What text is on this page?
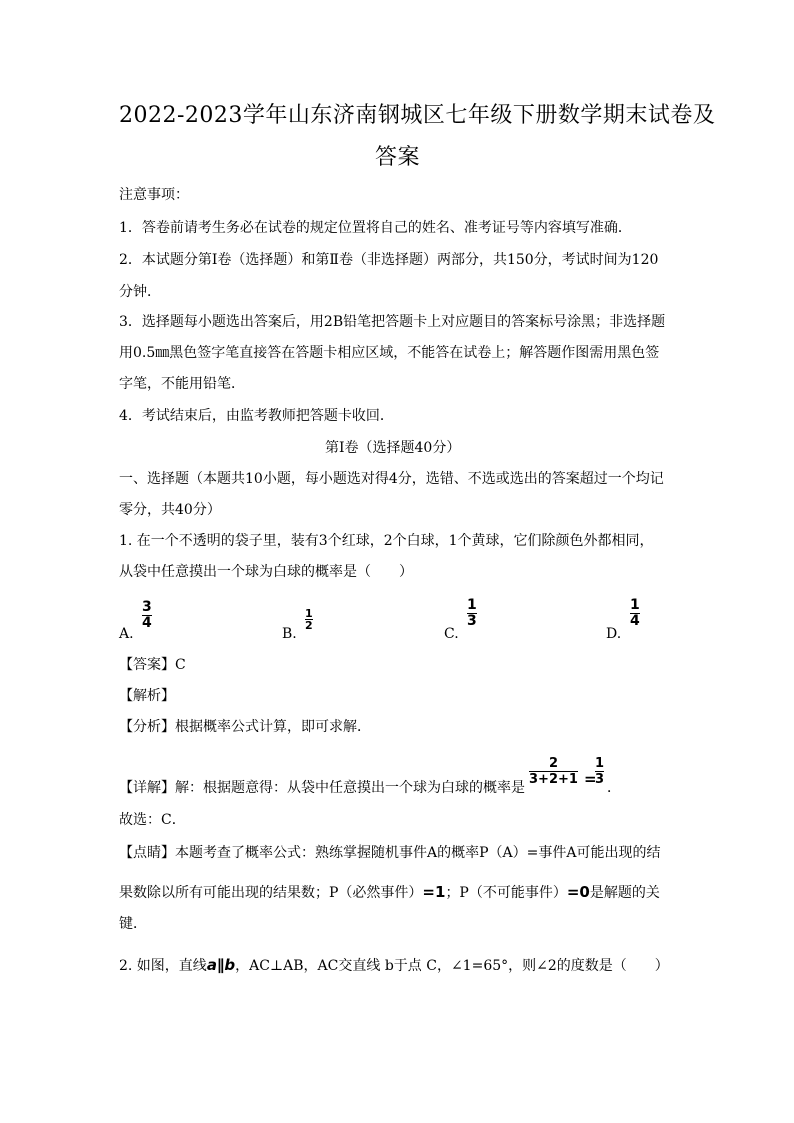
2022-2023学年山东济南钢城区七年级下册数学期末试卷及
答案
注意事项：
1．答卷前请考生务必在试卷的规定位置将自己的姓名、准考证号等内容填写准确．
2．本试题分第Ⅰ卷（选择题）和第Ⅱ卷（非选择题）两部分，共150分，考试时间为120
分钟．
3．选择题每小题选出答案后，用2B铅笔把答题卡上对应题目的答案标号涂黑；非选择题
用0.5㎜黑色签字笔直接答在答题卡相应区域，不能答在试卷上；解答题作图需用黑色签
字笔，不能用铅笔．
4．考试结束后，由监考教师把答题卡收回．
第Ⅰ卷（选择题40分）
一、选择题（本题共10小题，每小题选对得4分，选错、不选或选出的答案超过一个均记
零分，共40分）
1. 在一个不透明的袋子里，装有3个红球，2个白球，1个黄球，它们除颜色外都相同，
从袋中任意摸出一个球为白球的概率是（　　）
A.
3
4
B.
1
2
C.
1
3
D.
1
4
【答案】C
【解析】
【分析】根据概率公式计算，即可求解．
【详解】解：根据题意得：从袋中任意摸出一个球为白球的概率是
2
3+2+1 =
1
3
．
故选：C．
【点睛】本题考查了概率公式：熟练掌握随机事件A的概率P（A）=事件A可能出现的结
果数除以所有可能出现的结果数；P（必然事件）=1；P（不可能事件）=0是解题的关
键．
2. 如图，直线a∥b，AC⊥AB，AC交直线 b于点 C，∠1=65°，则∠2的度数是（　　）
